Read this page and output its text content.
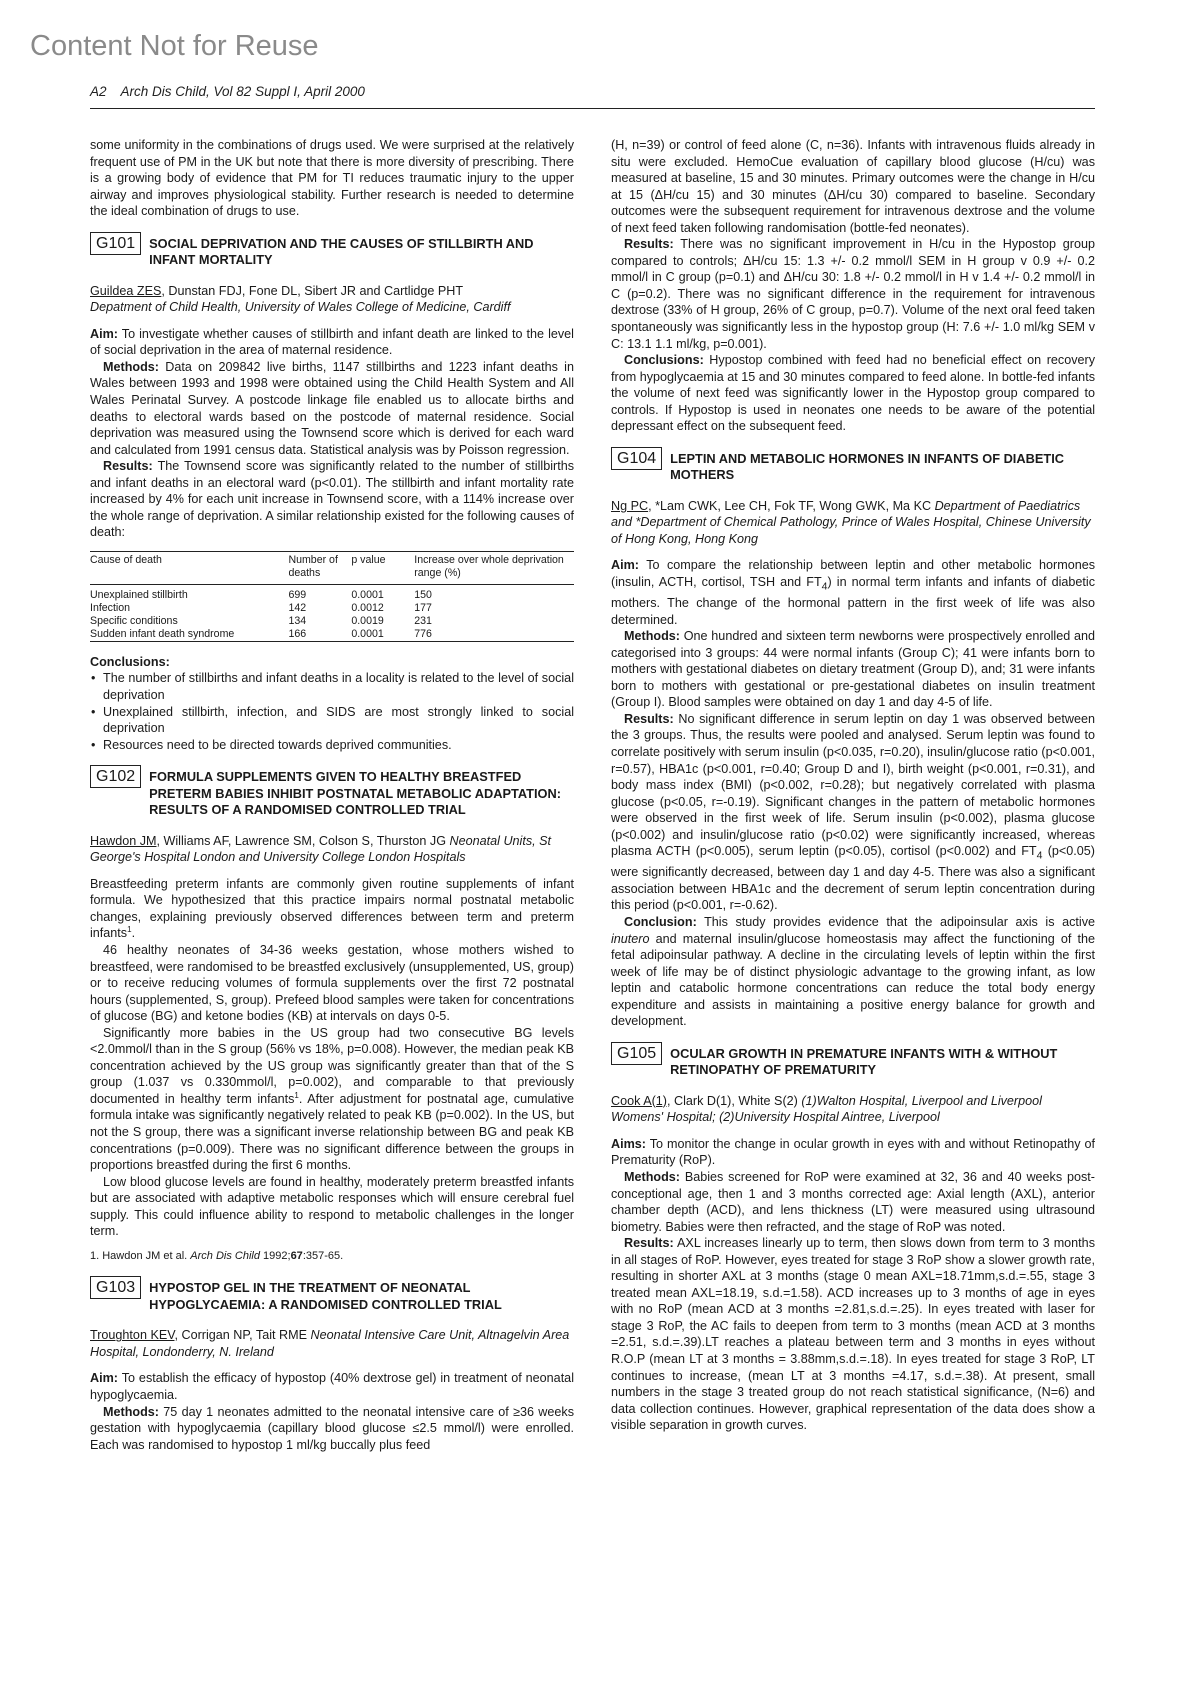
Content Not for Reuse
A2 Arch Dis Child, Vol 82 Suppl I, April 2000

some uniformity in the combinations of drugs used. We were surprised at the relatively frequent use of PM in the UK but note that there is more diversity of prescribing. There is a growing body of evidence that PM for TI reduces traumatic injury to the upper airway and improves physiological stability. Further research is needed to determine the ideal combination of drugs to use.

G101	SOCIAL DEPRIVATION AND THE CAUSES OF STILLBIRTH AND INFANT MORTALITY

Guildea ZES, Dunstan FDJ, Fone DL, Sibert JR and Cartlidge PHT
Depatment of Child Health, University of Wales College of Medicine, Cardiff

Aim: To investigate whether causes of stillbirth and infant death are linked to the level of social deprivation in the area of maternal residence.

Methods: Data on 209842 live births, 1147 stillbirths and 1223 infant deaths in Wales between 1993 and 1998 were obtained using the Child Health System and All Wales Perinatal Survey. A postcode linkage file enabled us to allocate births and deaths to electoral wards based on the postcode of maternal residence. Social deprivation was measured using the Townsend score which is derived for each ward and calculated from 1991 census data. Statistical analysis was by Poisson regression.

Results: The Townsend score was significantly related to the number of stillbirths and infant deaths in an electoral ward (p<0.01). The stillbirth and infant mortality rate increased by 4% for each unit increase in Townsend score, with a 114% increase over the whole range of deprivation. A similar relationship existed for the following causes of death:

Cause of death	Number of deaths	p value	Increase over whole deprivation range (%)
Unexplained stillbirth	699	0.0001	150
Infection	142	0.0012	177
Specific conditions	134	0.0019	231
Sudden infant death syndrome	166	0.0001	776

Conclusions:

• The number of stillbirths and infant deaths in a locality is related to the level of social deprivation
• Unexplained stillbirth, infection, and SIDS are most strongly linked to social deprivation
• Resources need to be directed towards deprived communities.
G102	FORMULA SUPPLEMENTS GIVEN TO HEALTHY BREASTFED PRETERM BABIES INHIBIT POSTNATAL METABOLIC ADAPTATION: RESULTS OF A RANDOMISED CONTROLLED TRIAL

Hawdon JM, Williams AF, Lawrence SM, Colson S, Thurston JG Neonatal Units, St George's Hospital London and University College London Hospitals

Breastfeeding preterm infants are commonly given routine supplements of infant formula. We hypothesized that this practice impairs normal postnatal metabolic changes, explaining previously observed differences between term and preterm infants$^1$.

46 healthy neonates of 34-36 weeks gestation, whose mothers wished to breastfeed, were randomised to be breastfed exclusively (unsupplemented, US, group) or to receive reducing volumes of formula supplements over the first 72 postnatal hours (supplemented, S, group). Prefeed blood samples were taken for concentrations of glucose (BG) and ketone bodies (KB) at intervals on days 0-5.

Significantly more babies in the US group had two consecutive BG levels <2.0mmol/l than in the S group (56% vs 18%, p=0.008). However, the median peak KB concentration achieved by the US group was significantly greater than that of the S group (1.037 vs 0.330mmol/l, p=0.002), and comparable to that previously documented in healthy term infants$^1$. After adjustment for postnatal age, cumulative formula intake was significantly negatively related to peak KB (p=0.002). In the US, but not the S group, there was a significant inverse relationship between BG and peak KB concentrations (p=0.009). There was no significant difference between the groups in proportions breastfed during the first 6 months.

Low blood glucose levels are found in healthy, moderately preterm breastfed infants but are associated with adaptive metabolic responses which will ensure cerebral fuel supply. This could influence ability to respond to metabolic challenges in the longer term.

1. Hawdon JM et al. Arch Dis Child 1992;67:357-65.

G103	HYPOSTOP GEL IN THE TREATMENT OF NEONATAL HYPOGLYCAEMIA: A RANDOMISED CONTROLLED TRIAL

Troughton KEV, Corrigan NP, Tait RME Neonatal Intensive Care Unit, Altnagelvin Area Hospital, Londonderry, N. Ireland

Aim: To establish the efficacy of hypostop (40% dextrose gel) in treatment of neonatal hypoglycaemia.

Methods: 75 day 1 neonates admitted to the neonatal intensive care of ≥36 weeks gestation with hypoglycaemia (capillary blood glucose ≤2.5 mmol/l) were enrolled. Each was randomised to hypostop 1 ml/kg buccally plus feed

(H, n=39) or control of feed alone (C, n=36). Infants with intravenous fluids already in situ were excluded. HemoCue evaluation of capillary blood glucose (H/cu) was measured at baseline, 15 and 30 minutes. Primary outcomes were the change in H/cu at 15 (ΔH/cu 15) and 30 minutes (ΔH/cu 30) compared to baseline. Secondary outcomes were the subsequent requirement for intravenous dextrose and the volume of next feed taken following randomisation (bottle-fed neonates).

Results: There was no significant improvement in H/cu in the Hypostop group compared to controls; ΔH/cu 15: 1.3 +/- 0.2 mmol/l SEM in H group v 0.9 +/- 0.2 mmol/l in C group (p=0.1) and ΔH/cu 30: 1.8 +/- 0.2 mmol/l in H v 1.4 +/- 0.2 mmol/l in C (p=0.2). There was no significant difference in the requirement for intravenous dextrose (33% of H group, 26% of C group, p=0.7). Volume of the next oral feed taken spontaneously was significantly less in the hypostop group (H: 7.6 +/- 1.0 ml/kg SEM v C: 13.1 1.1 ml/kg, p=0.001).

Conclusions: Hypostop combined with feed had no beneficial effect on recovery from hypoglycaemia at 15 and 30 minutes compared to feed alone. In bottle-fed infants the volume of next feed was significantly lower in the Hypostop group compared to controls. If Hypostop is used in neonates one needs to be aware of the potential depressant effect on the subsequent feed.

G104	LEPTIN AND METABOLIC HORMONES IN INFANTS OF DIABETIC MOTHERS

Ng PC, *Lam CWK, Lee CH, Fok TF, Wong GWK, Ma KC Department of Paediatrics and *Department of Chemical Pathology, Prince of Wales Hospital, Chinese University of Hong Kong, Hong Kong

Aim: To compare the relationship between leptin and other metabolic hormones (insulin, ACTH, cortisol, TSH and $FT_4$) in normal term infants and infants of diabetic mothers. The change of the hormonal pattern in the first week of life was also determined.

Methods: One hundred and sixteen term newborns were prospectively enrolled and categorised into 3 groups: 44 were normal infants (Group C); 41 were infants born to mothers with gestational diabetes on dietary treatment (Group D), and; 31 were infants born to mothers with gestational or pre-gestational diabetes on insulin treatment (Group I). Blood samples were obtained on day 1 and day 4-5 of life.

Results: No significant difference in serum leptin on day 1 was observed between the 3 groups. Thus, the results were pooled and analysed. Serum leptin was found to correlate positively with serum insulin (p<0.035, r=0.20), insulin/glucose ratio (p<0.001, r=0.57), HBA1c (p<0.001, r=0.40; Group D and I), birth weight (p<0.001, r=0.31), and body mass index (BMI) (p<0.002, r=0.28); but negatively correlated with plasma glucose (p<0.05, r=-0.19). Significant changes in the pattern of metabolic hormones were observed in the first week of life. Serum insulin (p<0.002), plasma glucose (p<0.002) and insulin/glucose ratio (p<0.02) were significantly increased, whereas plasma ACTH (p<0.005), serum leptin (p<0.05), cortisol (p<0.002) and $FT_4$ (p<0.05) were significantly decreased, between day 1 and day 4-5. There was also a significant association between HBA1c and the decrement of serum leptin concentration during this period (p<0.001, r=-0.62).

Conclusion: This study provides evidence that the adipoinsular axis is active inutero and maternal insulin/glucose homeostasis may affect the functioning of the fetal adipoinsular pathway. A decline in the circulating levels of leptin within the first week of life may be of distinct physiologic advantage to the growing infant, as low leptin and catabolic hormone concentrations can reduce the total body energy expenditure and assists in maintaining a positive energy balance for growth and development.

G105	OCULAR GROWTH IN PREMATURE INFANTS WITH & WITHOUT RETINOPATHY OF PREMATURITY

Cook A(1), Clark D(1), White S(2) (1)Walton Hospital, Liverpool and Liverpool Womens' Hospital; (2)University Hospital Aintree, Liverpool

Aims: To monitor the change in ocular growth in eyes with and without Retinopathy of Prematurity (RoP).

Methods: Babies screened for RoP were examined at 32, 36 and 40 weeks post-conceptional age, then 1 and 3 months corrected age: Axial length (AXL), anterior chamber depth (ACD), and lens thickness (LT) were measured using ultrasound biometry. Babies were then refracted, and the stage of RoP was noted.

Results: AXL increases linearly up to term, then slows down from term to 3 months in all stages of RoP. However, eyes treated for stage 3 RoP show a slower growth rate, resulting in shorter AXL at 3 months (stage 0 mean AXL=18.71mm,s.d.=.55, stage 3 treated mean AXL=18.19, s.d.=1.58). ACD increases up to 3 months of age in eyes with no RoP (mean ACD at 3 months =2.81,s.d.=.25). In eyes treated with laser for stage 3 RoP, the AC fails to deepen from term to 3 months (mean ACD at 3 months =2.51, s.d.=.39).LT reaches a plateau between term and 3 months in eyes without R.O.P (mean LT at 3 months = 3.88mm,s.d.=.18). In eyes treated for stage 3 RoP, LT continues to increase, (mean LT at 3 months =4.17, s.d.=.38). At present, small numbers in the stage 3 treated group do not reach statistical significance, (N=6) and data collection continues. However, graphical representation of the data does show a visible separation in growth curves.
